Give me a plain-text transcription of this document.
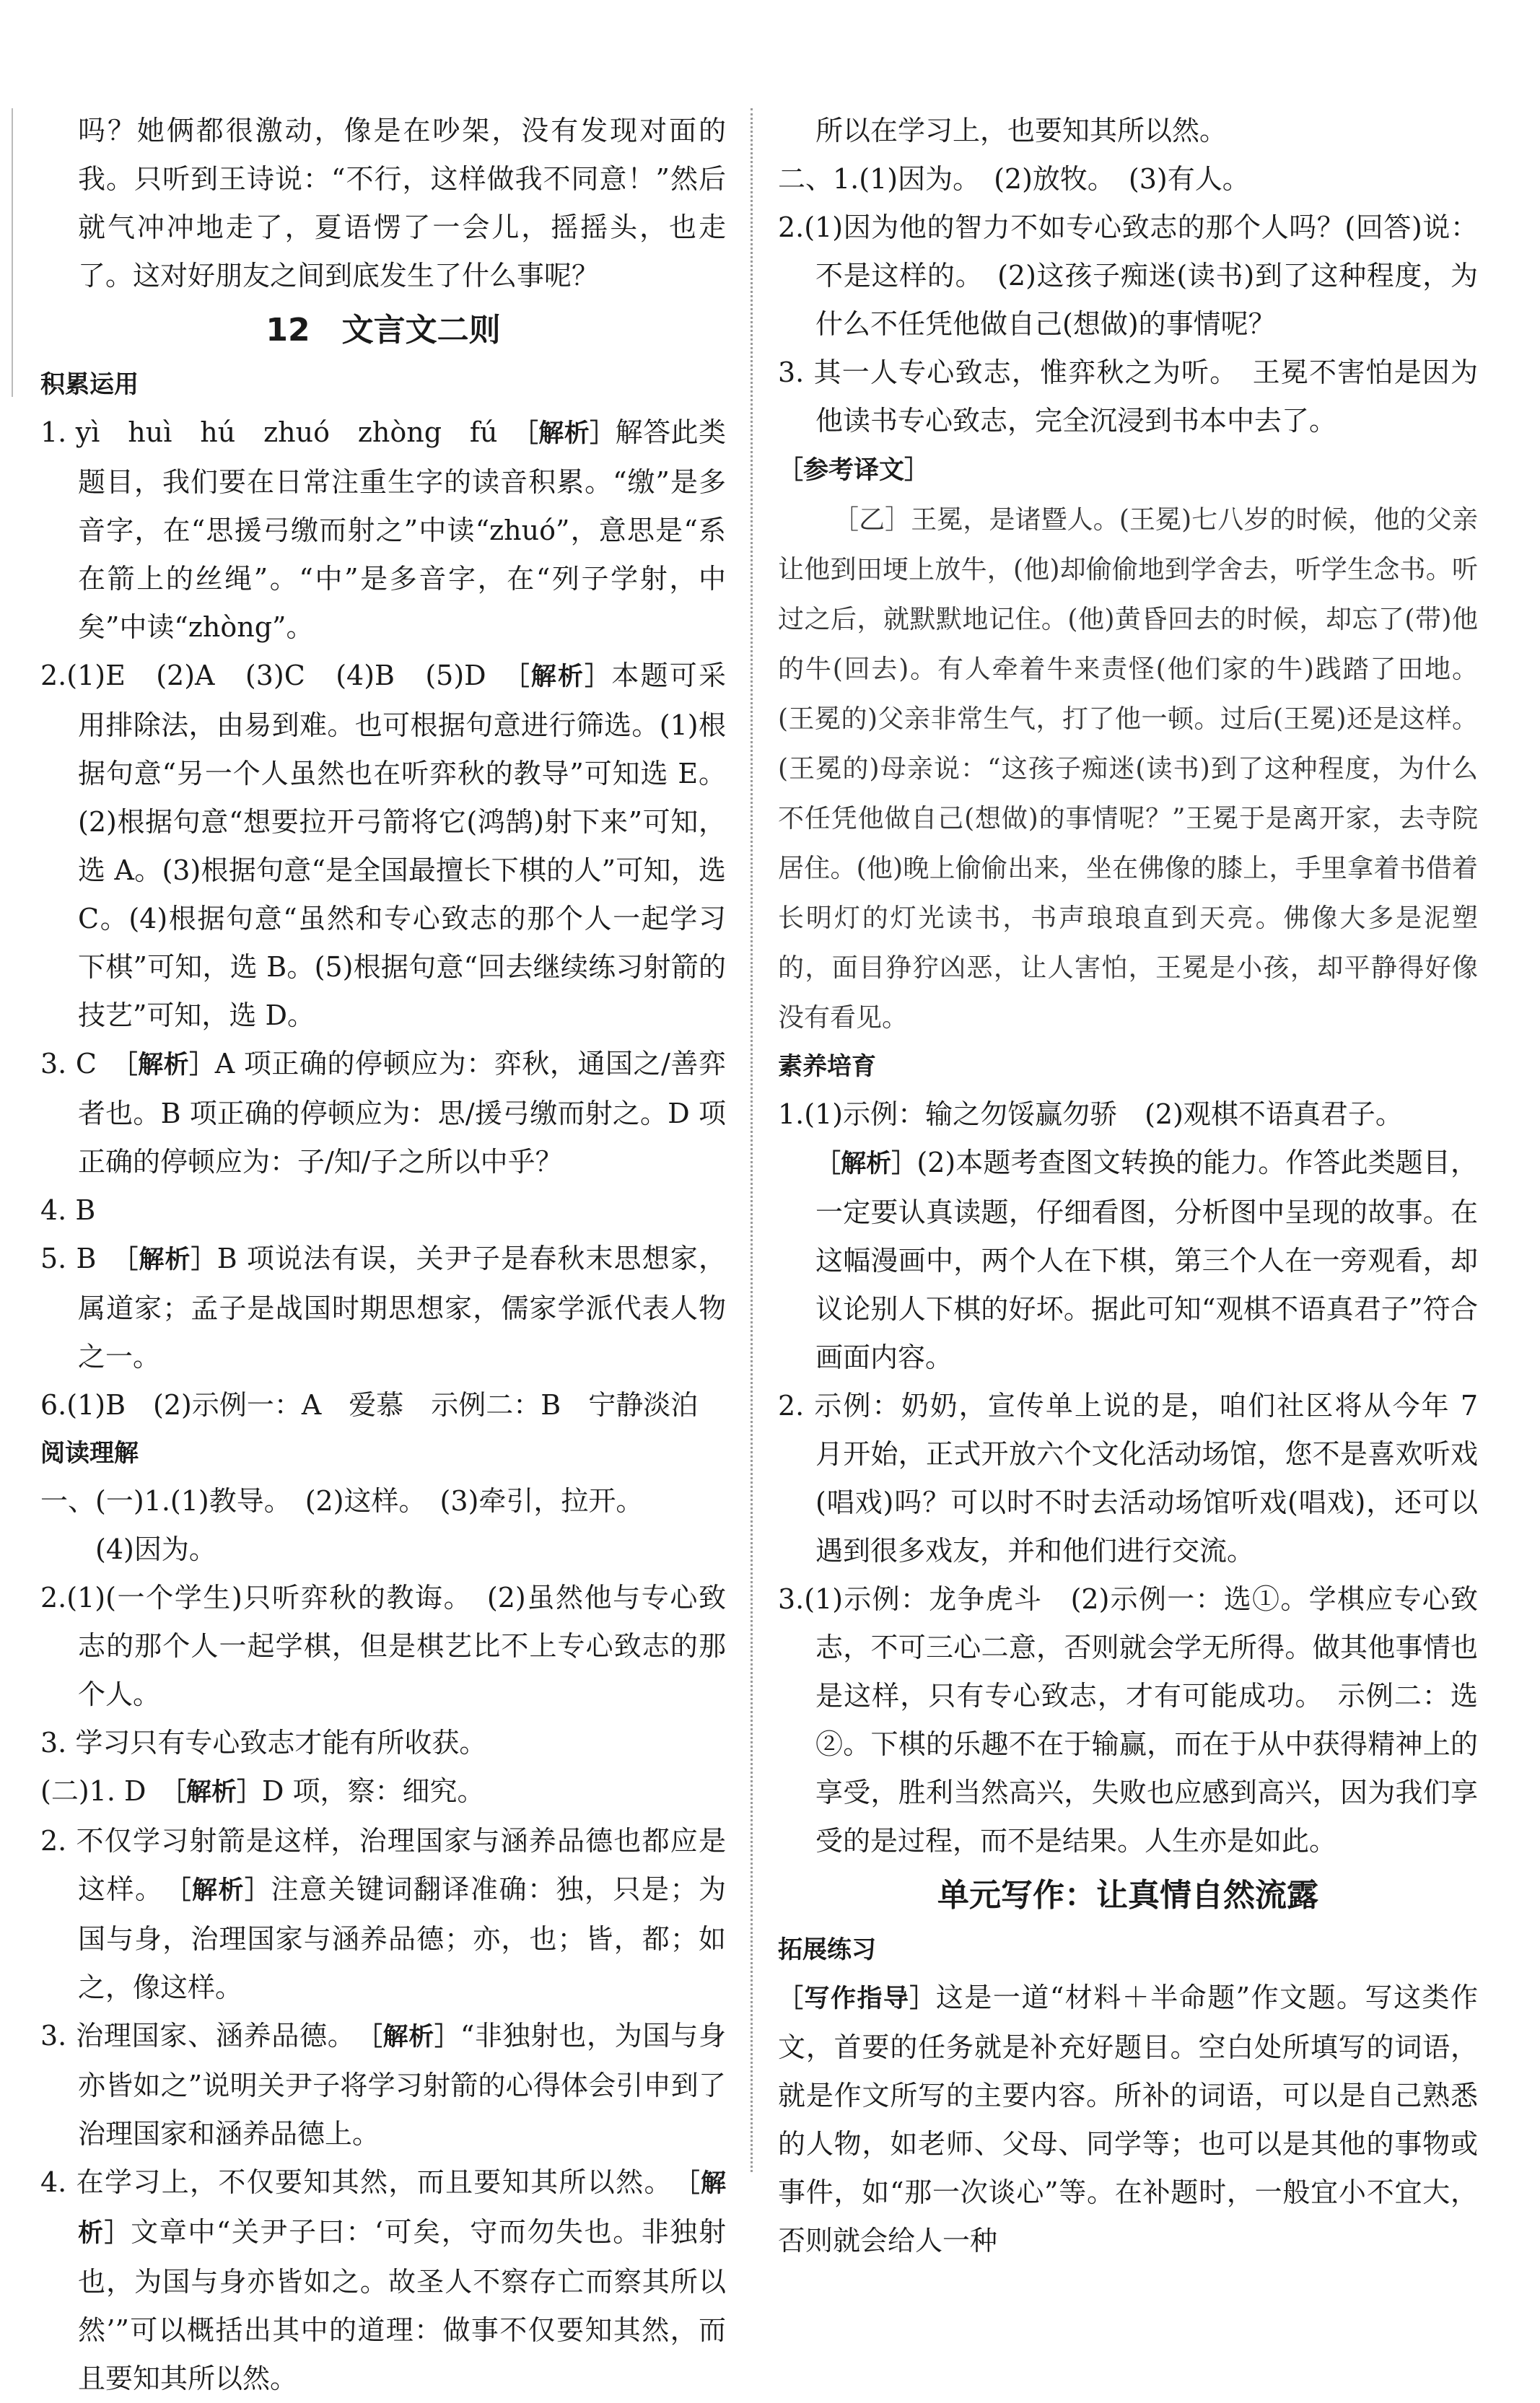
吗？她俩都很激动，像是在吵架，没有发现对面的我。只听到王诗说：“不行，这样做我不同意！”然后就气冲冲地走了，夏语愣了一会儿，摇摇头，也走了。这对好朋友之间到底发生了什么事呢？

12　文言文二则
积累运用

1. yì　huì　hú　zhuó　zhòng　fú　 ［解析］解答此类题目，我们要在日常注重生字的读音积累。“缴”是多音字，在“思援弓缴而射之”中读“zhuó”，意思是“系在箭上的丝绳”。“中”是多音字，在“列子学射，中矣”中读“zhòng”。

2.(1)E　(2)A　(3)C　(4)B　(5)D　 ［解析］本题可采用排除法，由易到难。也可根据句意进行筛选。(1)根据句意“另一个人虽然也在听弈秋的教导”可知选 E。(2)根据句意“想要拉开弓箭将它(鸿鹄)射下来”可知，选 A。(3)根据句意“是全国最擅长下棋的人”可知，选 C。(4)根据句意“虽然和专心致志的那个人一起学习下棋”可知，选 B。(5)根据句意“回去继续练习射箭的技艺”可知，选 D。

3. C　 ［解析］A 项正确的停顿应为：弈秋，通国之/善弈者也。B 项正确的停顿应为：思/援弓缴而射之。D 项正确的停顿应为：子/知/子之所以中乎？

4. B

5. B　 ［解析］B 项说法有误，关尹子是春秋末思想家，属道家；孟子是战国时期思想家，儒家学派代表人物之一。

6.(1)B　(2)示例一：A　爱慕　示例二：B　宁静淡泊

阅读理解

一、(一)1.(1)教导。　(2)这样。　(3)牵引，拉开。

(4)因为。

2.(1)(一个学生)只听弈秋的教诲。　(2)虽然他与专心致志的那个人一起学棋，但是棋艺比不上专心致志的那个人。

3. 学习只有专心致志才能有所收获。

(二)1. D　 ［解析］D 项，察：细究。

2. 不仅学习射箭是这样，治理国家与涵养品德也都应是这样。　 ［解析］注意关键词翻译准确：独，只是；为国与身，治理国家与涵养品德；亦，也；皆，都；如之，像这样。

3. 治理国家、涵养品德。　 ［解析］“非独射也，为国与身亦皆如之”说明关尹子将学习射箭的心得体会引申到了治理国家和涵养品德上。

4. 在学习上，不仅要知其然，而且要知其所以然。　 ［解析］文章中“关尹子曰：‘可矣，守而勿失也。非独射也，为国与身亦皆如之。故圣人不察存亡而察其所以然’”可以概括出其中的道理：做事不仅要知其然，而且要知其所以然。

所以在学习上，也要知其所以然。

二、1.(1)因为。　(2)放牧。　(3)有人。

2.(1)因为他的智力不如专心致志的那个人吗？(回答)说：不是这样的。　(2)这孩子痴迷(读书)到了这种程度，为什么不任凭他做自己(想做)的事情呢？

3. 其一人专心致志，惟弈秋之为听。　王冕不害怕是因为他读书专心致志，完全沉浸到书本中去了。

［参考译文］

［乙］王冕，是诸暨人。(王冕)七八岁的时候，他的父亲让他到田埂上放牛，(他)却偷偷地到学舍去，听学生念书。听过之后，就默默地记住。(他)黄昏回去的时候，却忘了(带)他的牛(回去)。有人牵着牛来责怪(他们家的牛)践踏了田地。(王冕的)父亲非常生气，打了他一顿。过后(王冕)还是这样。(王冕的)母亲说：“这孩子痴迷(读书)到了这种程度，为什么不任凭他做自己(想做)的事情呢？”王冕于是离开家，去寺院居住。(他)晚上偷偷出来，坐在佛像的膝上，手里拿着书借着长明灯的灯光读书，书声琅琅直到天亮。佛像大多是泥塑的，面目狰狞凶恶，让人害怕，王冕是小孩，却平静得好像没有看见。

素养培育

1.(1)示例：输之勿馁赢勿骄　(2)观棋不语真君子。

［解析］(2)本题考查图文转换的能力。作答此类题目，一定要认真读题，仔细看图，分析图中呈现的故事。在这幅漫画中，两个人在下棋，第三个人在一旁观看，却议论别人下棋的好坏。据此可知“观棋不语真君子”符合画面内容。

2. 示例：奶奶，宣传单上说的是，咱们社区将从今年 7 月开始，正式开放六个文化活动场馆，您不是喜欢听戏(唱戏)吗？可以时不时去活动场馆听戏(唱戏)，还可以遇到很多戏友，并和他们进行交流。

3.(1)示例：龙争虎斗　(2)示例一：选①。学棋应专心致志，不可三心二意，否则就会学无所得。做其他事情也是这样，只有专心致志，才有可能成功。　示例二：选②。下棋的乐趣不在于输赢，而在于从中获得精神上的享受，胜利当然高兴，失败也应感到高兴，因为我们享受的是过程，而不是结果。人生亦是如此。

单元写作：让真情自然流露
拓展练习

［写作指导］这是一道“材料＋半命题”作文题。写这类作文，首要的任务就是补充好题目。空白处所填写的词语，就是作文所写的主要内容。所补的词语，可以是自己熟悉的人物，如老师、父母、同学等；也可以是其他的事物或事件，如“那一次谈心”等。在补题时，一般宜小不宜大，否则就会给人一种
